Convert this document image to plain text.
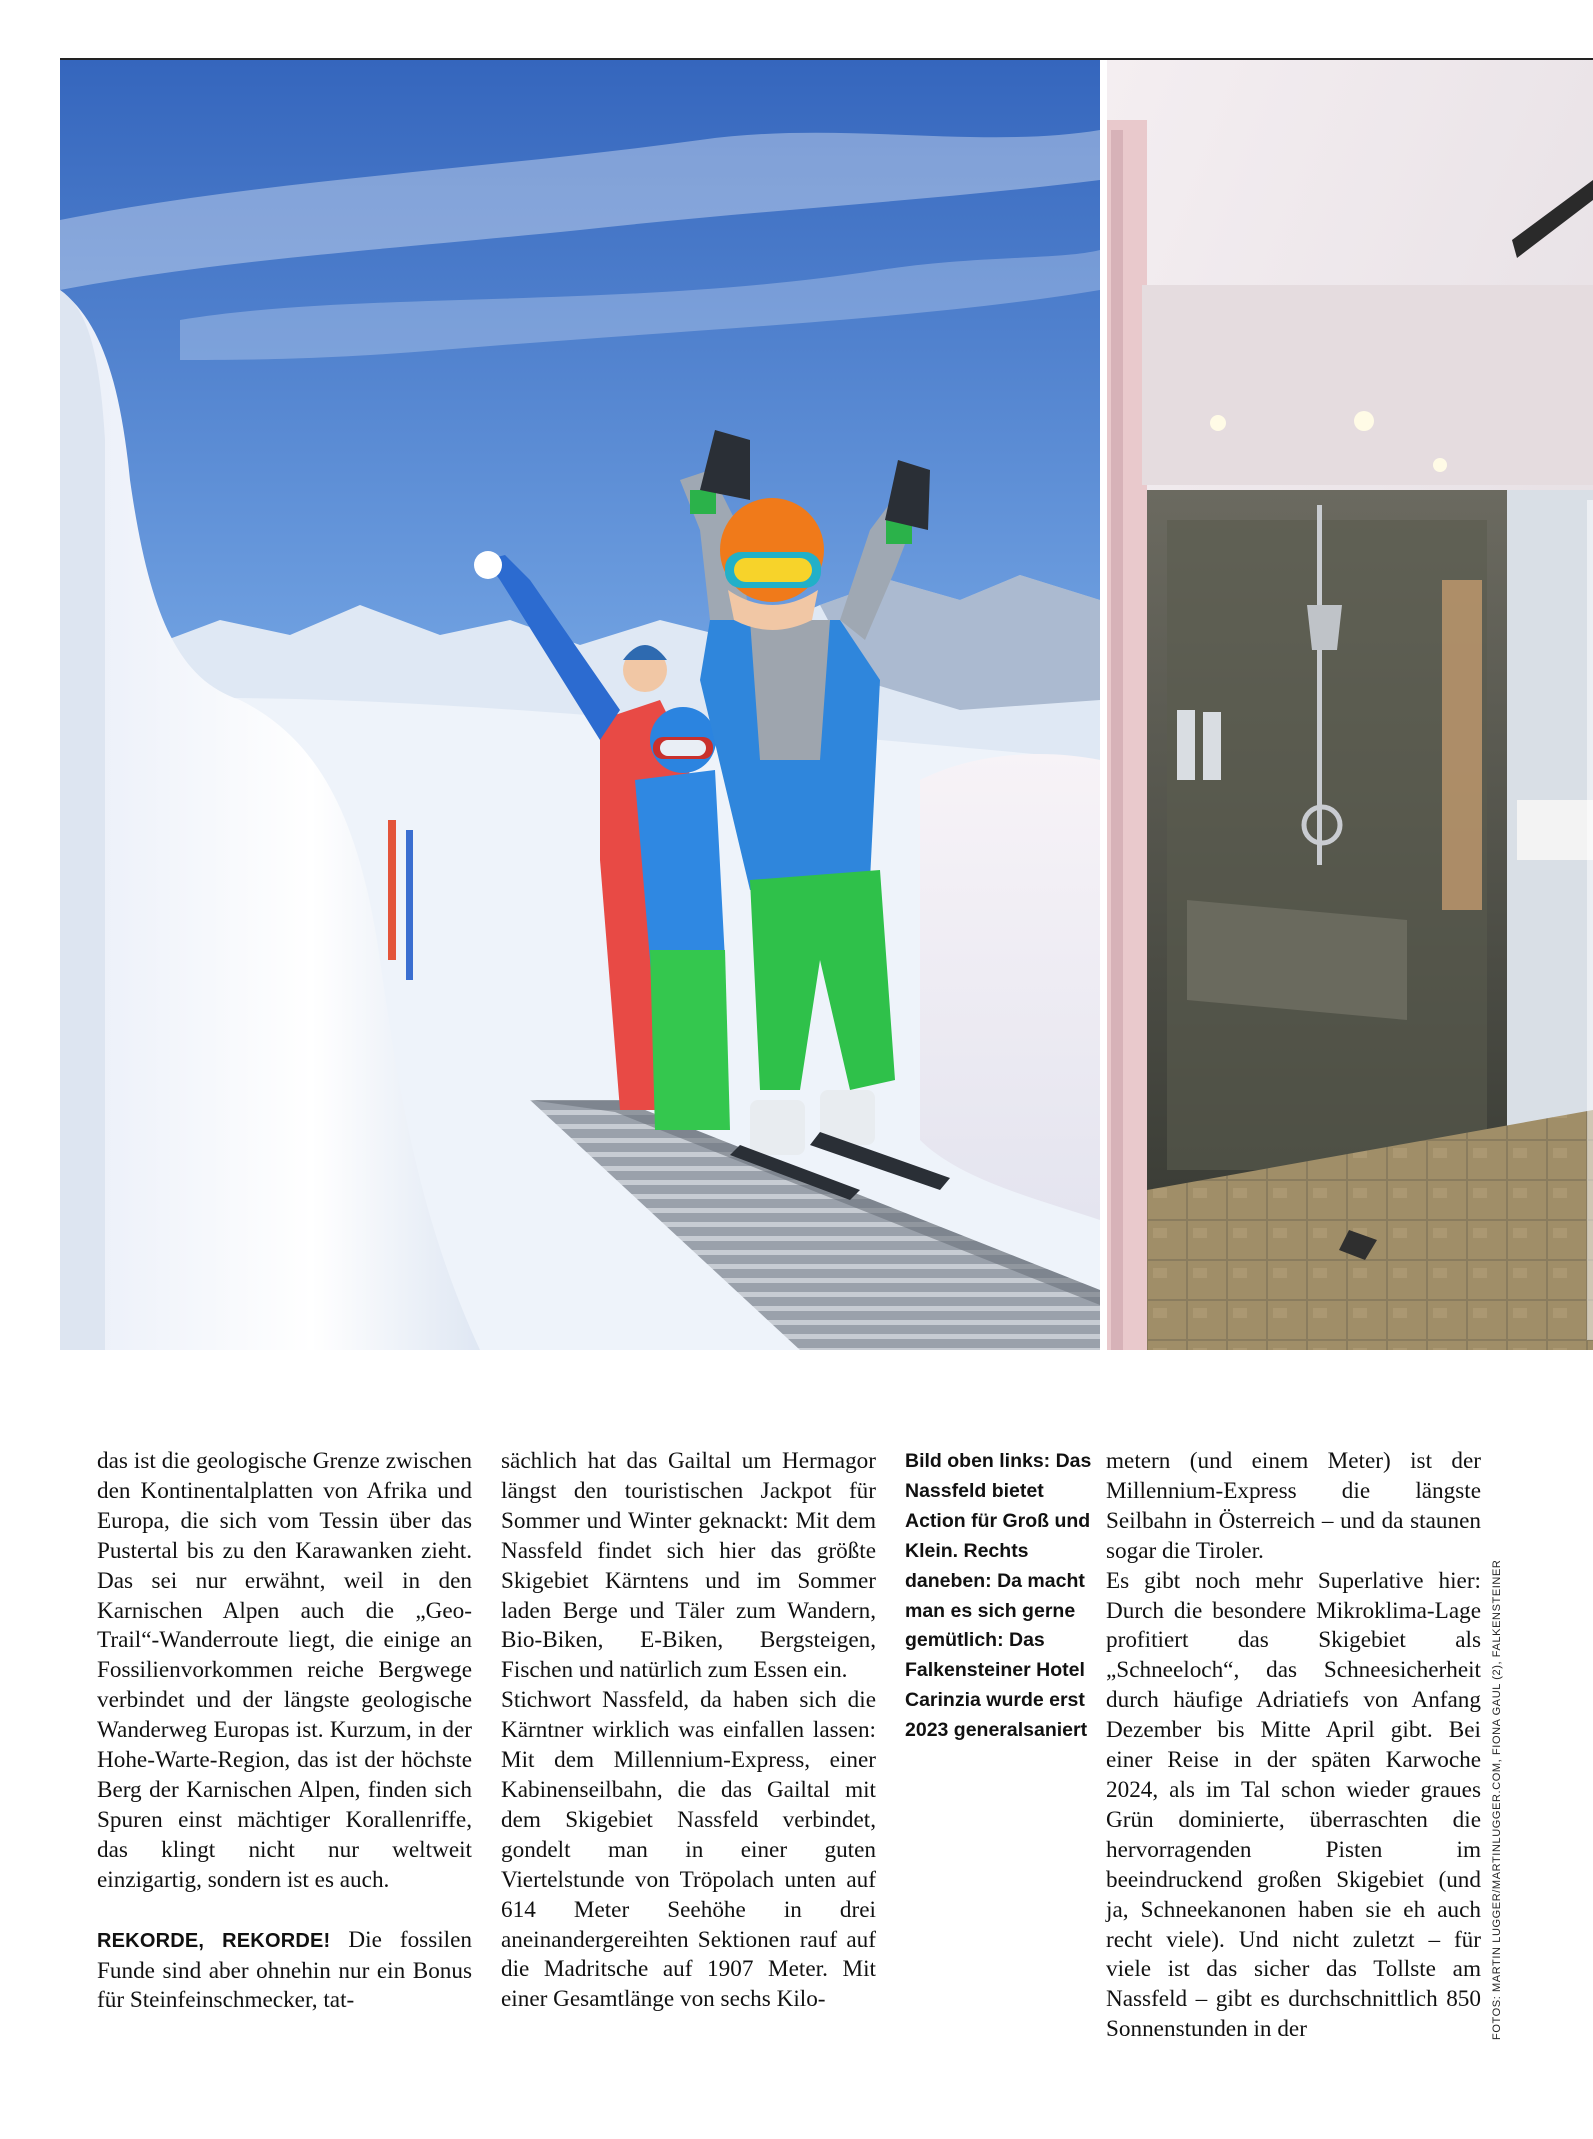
das ist die geologische Grenze zwischen den Kontinentalplatten von Afrika und Europa, die sich vom Tessin über das Pustertal bis zu den Karawanken zieht. Das sei nur erwähnt, weil in den Karnischen Alpen auch die „Geo-Trail“-Wanderroute liegt, die einige an Fossilienvorkommen reiche Bergwege verbindet und der längste geologische Wanderweg Europas ist. Kurzum, in der Hohe-Warte-Region, das ist der höchste Berg der Karnischen Alpen, finden sich Spuren einst mächtiger Korallenriffe, das klingt nicht nur weltweit einzigartig, sondern ist es auch.

REKORDE, REKORDE! Die fossilen Funde sind aber ohnehin nur ein Bonus für Steinfeinschmecker, tat-

sächlich hat das Gailtal um Hermagor längst den touristischen Jackpot für Sommer und Winter geknackt: Mit dem Nassfeld findet sich hier das größte Skigebiet Kärntens und im Sommer laden Berge und Täler zum Wandern, Bio-Biken, E-Biken, Bergsteigen, Fischen und natürlich zum Essen ein.

Stichwort Nassfeld, da haben sich die Kärntner wirklich was einfallen lassen: Mit dem Millennium-Express, einer Kabinenseilbahn, die das Gailtal mit dem Skigebiet Nassfeld verbindet, gondelt man in einer guten Viertelstunde von Tröpolach unten auf 614 Meter Seehöhe in drei aneinandergereihten Sektionen rauf auf die Madritsche auf 1907 Meter. Mit einer Gesamtlänge von sechs Kilo-

Bild oben links: Das Nassfeld bietet Action für Groß und Klein. Rechts daneben: Da macht man es sich gerne gemütlich: Das Falkensteiner Hotel Carinzia wurde erst 2023 generalsaniert

metern (und einem Meter) ist der Millennium-Express die längste Seilbahn in Österreich – und da staunen sogar die Tiroler.

Es gibt noch mehr Superlative hier: Durch die besondere Mikroklima-Lage profitiert das Skigebiet als „Schneeloch“, das Schneesicherheit durch häufige Adriatiefs von Anfang Dezember bis Mitte April gibt. Bei einer Reise in der späten Karwoche 2024, als im Tal schon wieder graues Grün dominierte, überraschten die hervorragenden Pisten im beeindruckend großen Skigebiet (und ja, Schneekanonen haben sie eh auch recht viele). Und nicht zuletzt – für viele ist das sicher das Tollste am Nassfeld – gibt es durchschnittlich 850 Sonnenstunden in der	FOTOS: MARTIN LUGGER/MARTINLUGGER.COM, FIONA GAUL (2), FALKENSTEINER
